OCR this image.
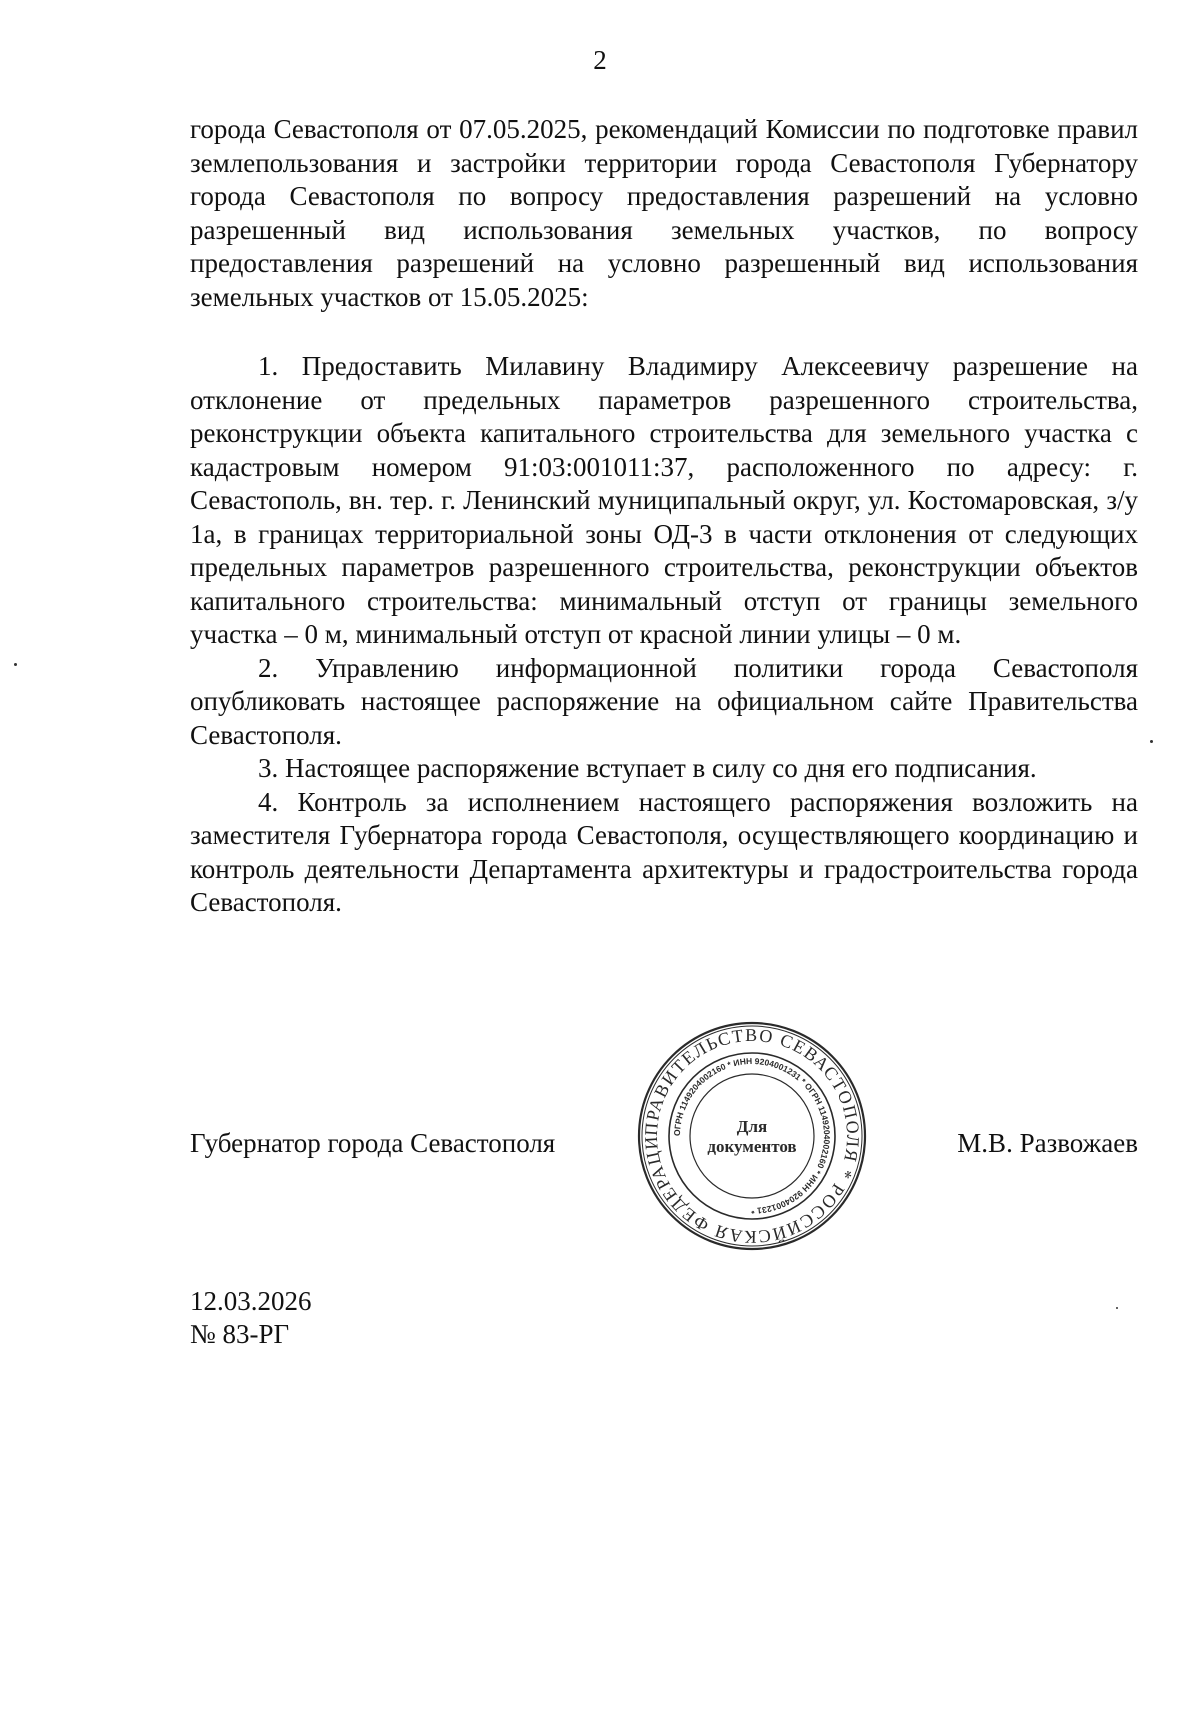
2

города Севастополя от 07.05.2025, рекомендаций Комиссии по подготовке правил землепользования и застройки территории города Севастополя Губернатору города Севастополя по вопросу предоставления разрешений на условно разрешенный вид использования земельных участков, по вопросу предоставления разрешений на условно разрешенный вид использования земельных участков от 15.05.2025:

1. Предоставить Милавину Владимиру Алексеевичу разрешение на отклонение от предельных параметров разрешенного строительства, реконструкции объекта капитального строительства для земельного участка с кадастровым номером 91:03:001011:37, расположенного по адресу: г. Севастополь, вн. тер. г. Ленинский муниципальный округ, ул. Костомаровская, з/у 1а, в границах территориальной зоны ОД-3 в части отклонения от следующих предельных параметров разрешенного строительства, реконструкции объектов капитального строительства: минимальный отступ от границы земельного участка – 0 м, минимальный отступ от красной линии улицы – 0 м.

2. Управлению информационной политики города Севастополя опубликовать настоящее распоряжение на официальном сайте Правительства Севастополя.

3. Настоящее распоряжение вступает в силу со дня его подписания.

4. Контроль за исполнением настоящего распоряжения возложить на заместителя Губернатора города Севастополя, осуществляющего координацию и контроль деятельности Департамента архитектуры и градостроительства города Севастополя.

Губернатор города Севастополя	М.В. Развожаев
ПРАВИТЕЛЬСТВО СЕВАСТОПОЛЯ * РОССИЙСКАЯ ФЕДЕРАЦИ
ОГРН 1149204002160 * ИНН 9204001231 * ОГРН 1149204002160 * ИНН 9204001231 *
Для
документов
12.03.2026
№ 83-РГ
